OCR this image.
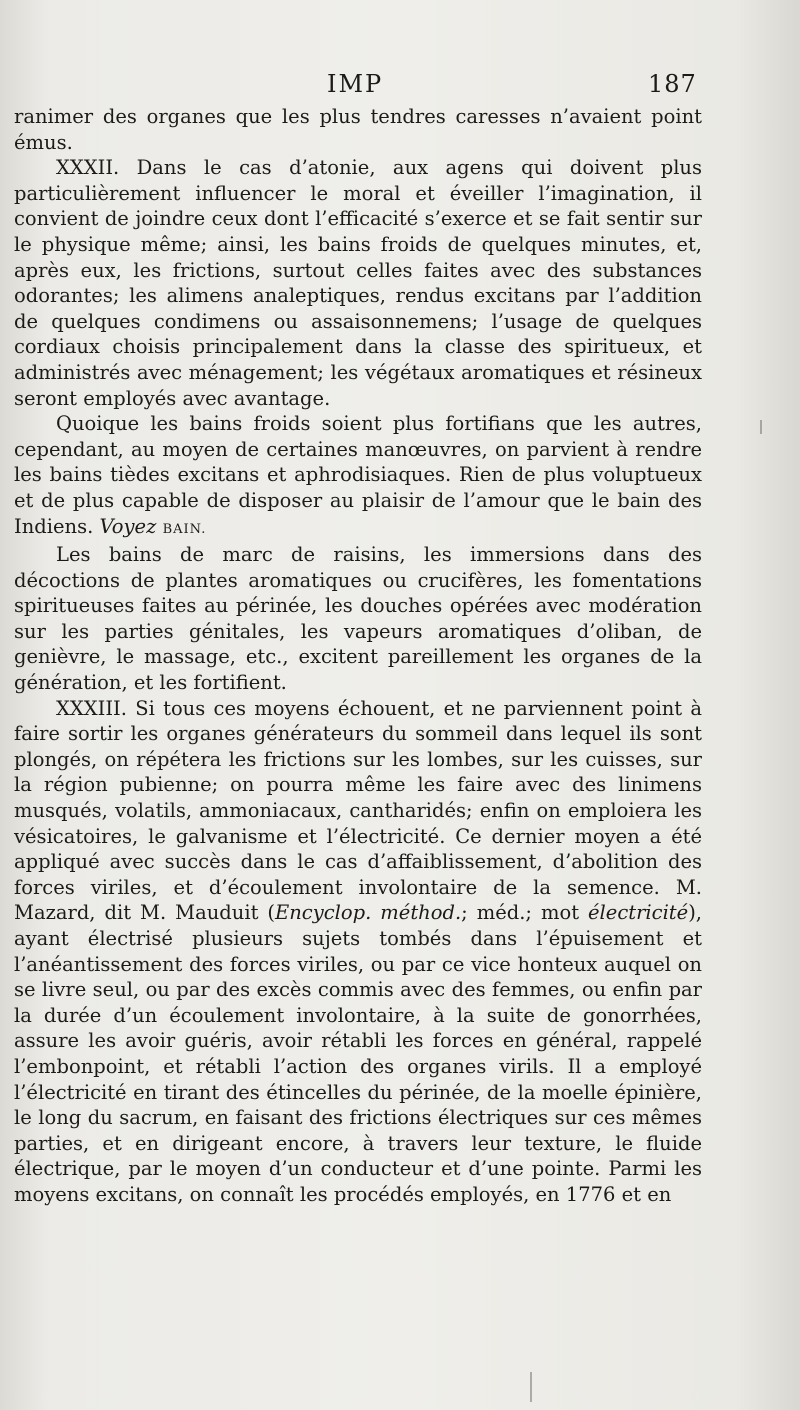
IMP	187

ranimer des organes que les plus tendres caresses n’avaient point émus.

XXXII. Dans le cas d’atonie, aux agens qui doivent plus particulièrement influencer le moral et éveiller l’imagination, il convient de joindre ceux dont l’efficacité s’exerce et se fait sentir sur le physique même; ainsi, les bains froids de quelques minutes, et, après eux, les frictions, surtout celles faites avec des substances odorantes; les alimens analeptiques, rendus excitans par l’addition de quelques condimens ou assaisonnemens; l’usage de quelques cordiaux choisis principalement dans la classe des spiritueux, et administrés avec ménagement; les végétaux aromatiques et résineux seront employés avec avantage.

Quoique les bains froids soient plus fortifians que les autres, cependant, au moyen de certaines manœuvres, on parvient à rendre les bains tièdes excitans et aphrodisiaques. Rien de plus voluptueux et de plus capable de disposer au plaisir de l’amour que le bain des Indiens. Voyez BAIN.

Les bains de marc de raisins, les immersions dans des décoctions de plantes aromatiques ou crucifères, les fomentations spiritueuses faites au périnée, les douches opérées avec modération sur les parties génitales, les vapeurs aromatiques d’oliban, de genièvre, le massage, etc., excitent pareillement les organes de la génération, et les fortifient.

XXXIII. Si tous ces moyens échouent, et ne parviennent point à faire sortir les organes générateurs du sommeil dans lequel ils sont plongés, on répétera les frictions sur les lombes, sur les cuisses, sur la région pubienne; on pourra même les faire avec des linimens musqués, volatils, ammoniacaux, cantharidés; enfin on emploiera les vésicatoires, le galvanisme et l’électricité. Ce dernier moyen a été appliqué avec succès dans le cas d’affaiblissement, d’abolition des forces viriles, et d’écoulement involontaire de la semence. M. Mazard, dit M. Mauduit (Encyclop. méthod.; méd.; mot électricité), ayant électrisé plusieurs sujets tombés dans l’épuisement et l’anéantissement des forces viriles, ou par ce vice honteux auquel on se livre seul, ou par des excès commis avec des femmes, ou enfin par la durée d’un écoulement involontaire, à la suite de gonorrhées, assure les avoir guéris, avoir rétabli les forces en général, rappelé l’embonpoint, et rétabli l’action des organes virils. Il a employé l’électricité en tirant des étincelles du périnée, de la moelle épinière, le long du sacrum, en faisant des frictions électriques sur ces mêmes parties, et en dirigeant encore, à travers leur texture, le fluide électrique, par le moyen d’un conducteur et d’une pointe. Parmi les moyens excitans, on connaît les procédés employés, en 1776 et en
